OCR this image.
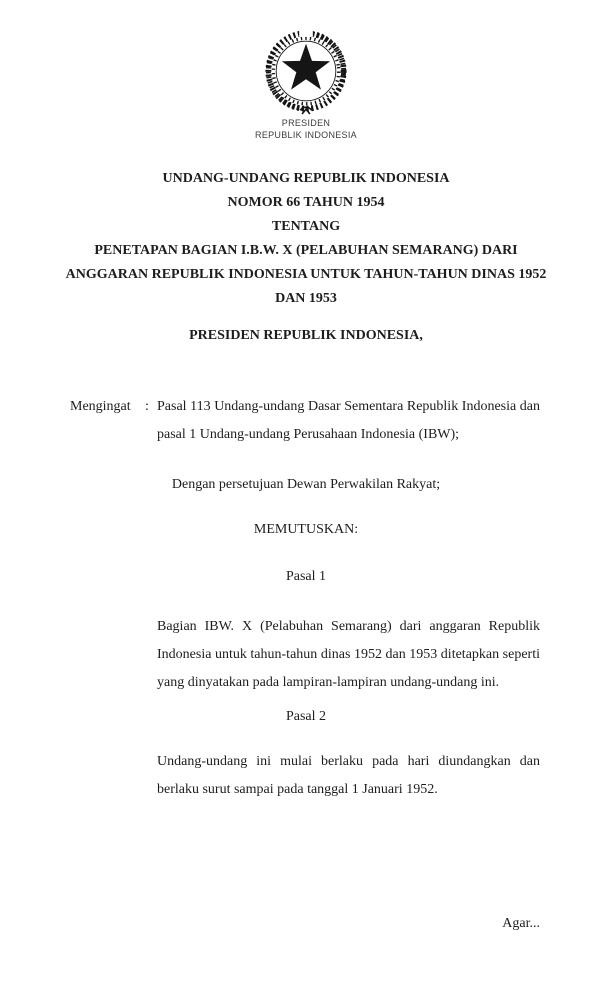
PRESIDEN
REPUBLIK INDONESIA
UNDANG-UNDANG REPUBLIK INDONESIA
NOMOR 66 TAHUN 1954
TENTANG
PENETAPAN BAGIAN I.B.W. X (PELABUHAN SEMARANG) DARI
ANGGARAN REPUBLIK INDONESIA UNTUK TAHUN-TAHUN DINAS 1952
DAN 1953
PRESIDEN REPUBLIK INDONESIA,
Mengingat : Pasal 113 Undang-undang Dasar Sementara Republik Indonesia dan pasal 1 Undang-undang Perusahaan Indonesia (IBW);

Dengan persetujuan Dewan Perwakilan Rakyat;
MEMUTUSKAN:
Pasal 1

Bagian IBW. X (Pelabuhan Semarang) dari anggaran Republik Indonesia untuk tahun-tahun dinas 1952 dan 1953 ditetapkan seperti yang dinyatakan pada lampiran-lampiran undang-undang ini.

Pasal 2

Undang-undang ini mulai berlaku pada hari diundangkan dan berlaku surut sampai pada tanggal 1 Januari 1952.

Agar...
